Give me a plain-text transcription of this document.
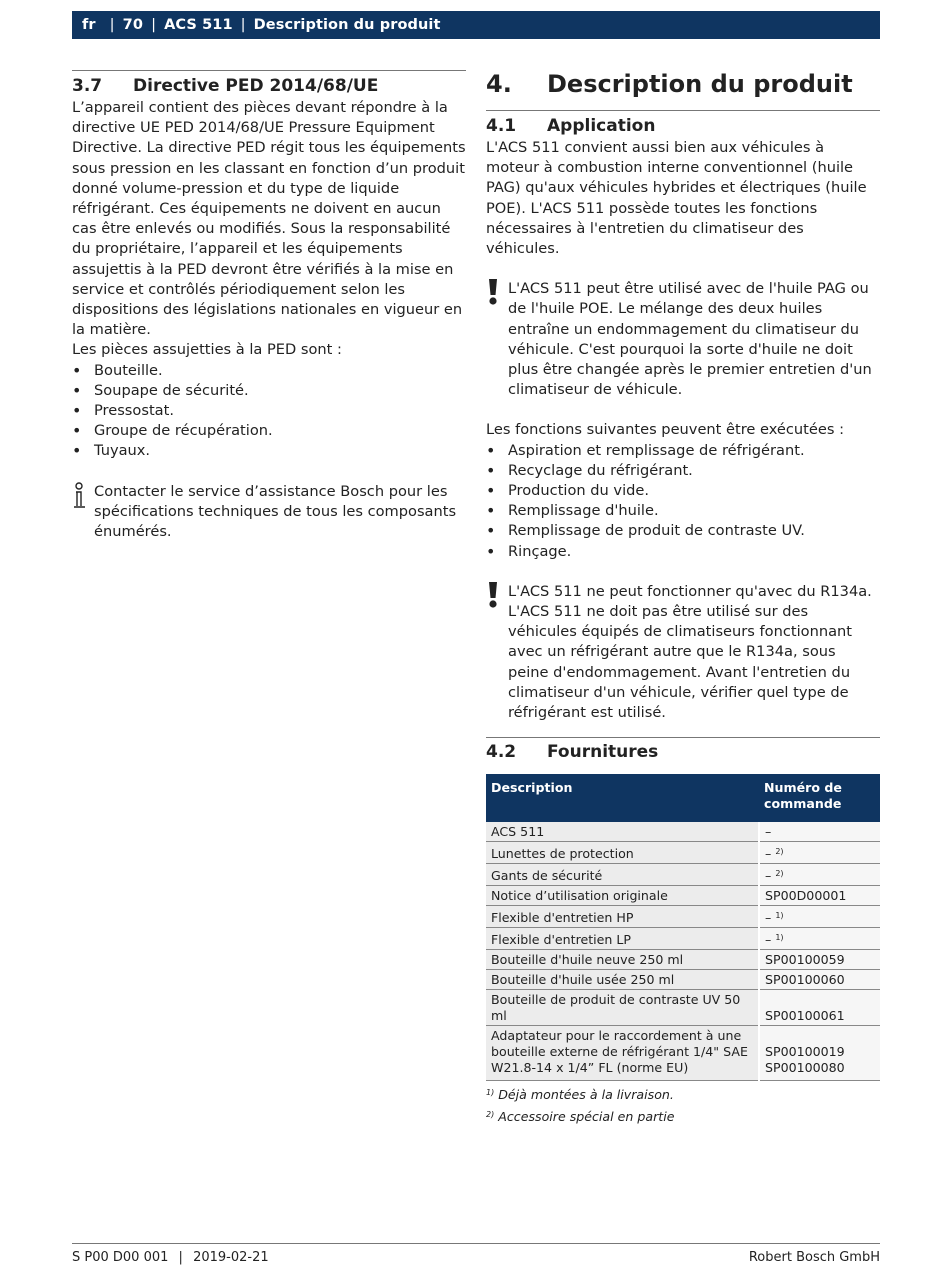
fr | 70 | ACS 511 | Description du produit
3.7 Directive PED 2014/68/UE

L’appareil contient des pièces devant répondre à la directive UE PED 2014/68/UE Pressure Equipment Directive. La directive PED régit tous les équipements sous pression en les classant en fonction d’un produit donné volume-pression et du type de liquide réfrigérant. Ces équipements ne doivent en aucun cas être enlevés ou modifiés. Sous la responsabilité du propriétaire, l’appareil et les équipements assujettis à la PED devront être vérifiés à la mise en service et contrôlés périodiquement selon les dispositions des législations nationales en vigueur en la matière.

Les pièces assujetties à la PED sont :

• Bouteille.
• Soupape de sécurité.
• Pressostat.
• Groupe de récupération.
• Tuyaux.

Contacter le service d’assistance Bosch pour les spécifications techniques de tous les composants énumérés.

4. Description du produit
4.1 Application

L'ACS 511 convient aussi bien aux véhicules à moteur à combustion interne conventionnel (huile PAG) qu'aux véhicules hybrides et électriques (huile POE). L'ACS 511 possède toutes les fonctions nécessaires à l'entretien du climatiseur des véhicules.

L'ACS 511 peut être utilisé avec de l'huile PAG ou de l'huile POE. Le mélange des deux huiles entraîne un endommagement du climatiseur du véhicule. C'est pourquoi la sorte d'huile ne doit plus être changée après le premier entretien d'un climatiseur de véhicule.

Les fonctions suivantes peuvent être exécutées :

• Aspiration et remplissage de réfrigérant.
• Recyclage du réfrigérant.
• Production du vide.
• Remplissage d'huile.
• Remplissage de produit de contraste UV.
• Rinçage.

L'ACS 511 ne peut fonctionner qu'avec du R134a. L'ACS 511 ne doit pas être utilisé sur des véhicules équipés de climatiseurs fonctionnant avec un réfrigérant autre que le R134a, sous peine d'endommagement. Avant l'entretien du climatiseur d'un véhicule, vérifier quel type de réfrigérant est utilisé.

4.2 Fournitures
Description	Numéro de commande
ACS 511	–
Lunettes de protection	– $^{2)}$
Gants de sécurité	– $^{2)}$
Notice d’utilisation originale	SP00D00001
Flexible d'entretien HP	– $^{1)}$
Flexible d'entretien LP	– $^{1)}$
Bouteille d'huile neuve 250 ml	SP00100059
Bouteille d'huile usée 250 ml	SP00100060
Bouteille de produit de contraste UV 50 ml	SP00100061
Adaptateur pour le raccordement à une bouteille externe de réfrigérant 1/4" SAE W21.8-14 x 1/4” FL (norme EU)	SP00100019
SP00100080
$^{1)}$ Déjà montées à la livraison.
$^{2)}$ Accessoire spécial en partie
S P00 D00 001 | 2019-02-21	Robert Bosch GmbH
